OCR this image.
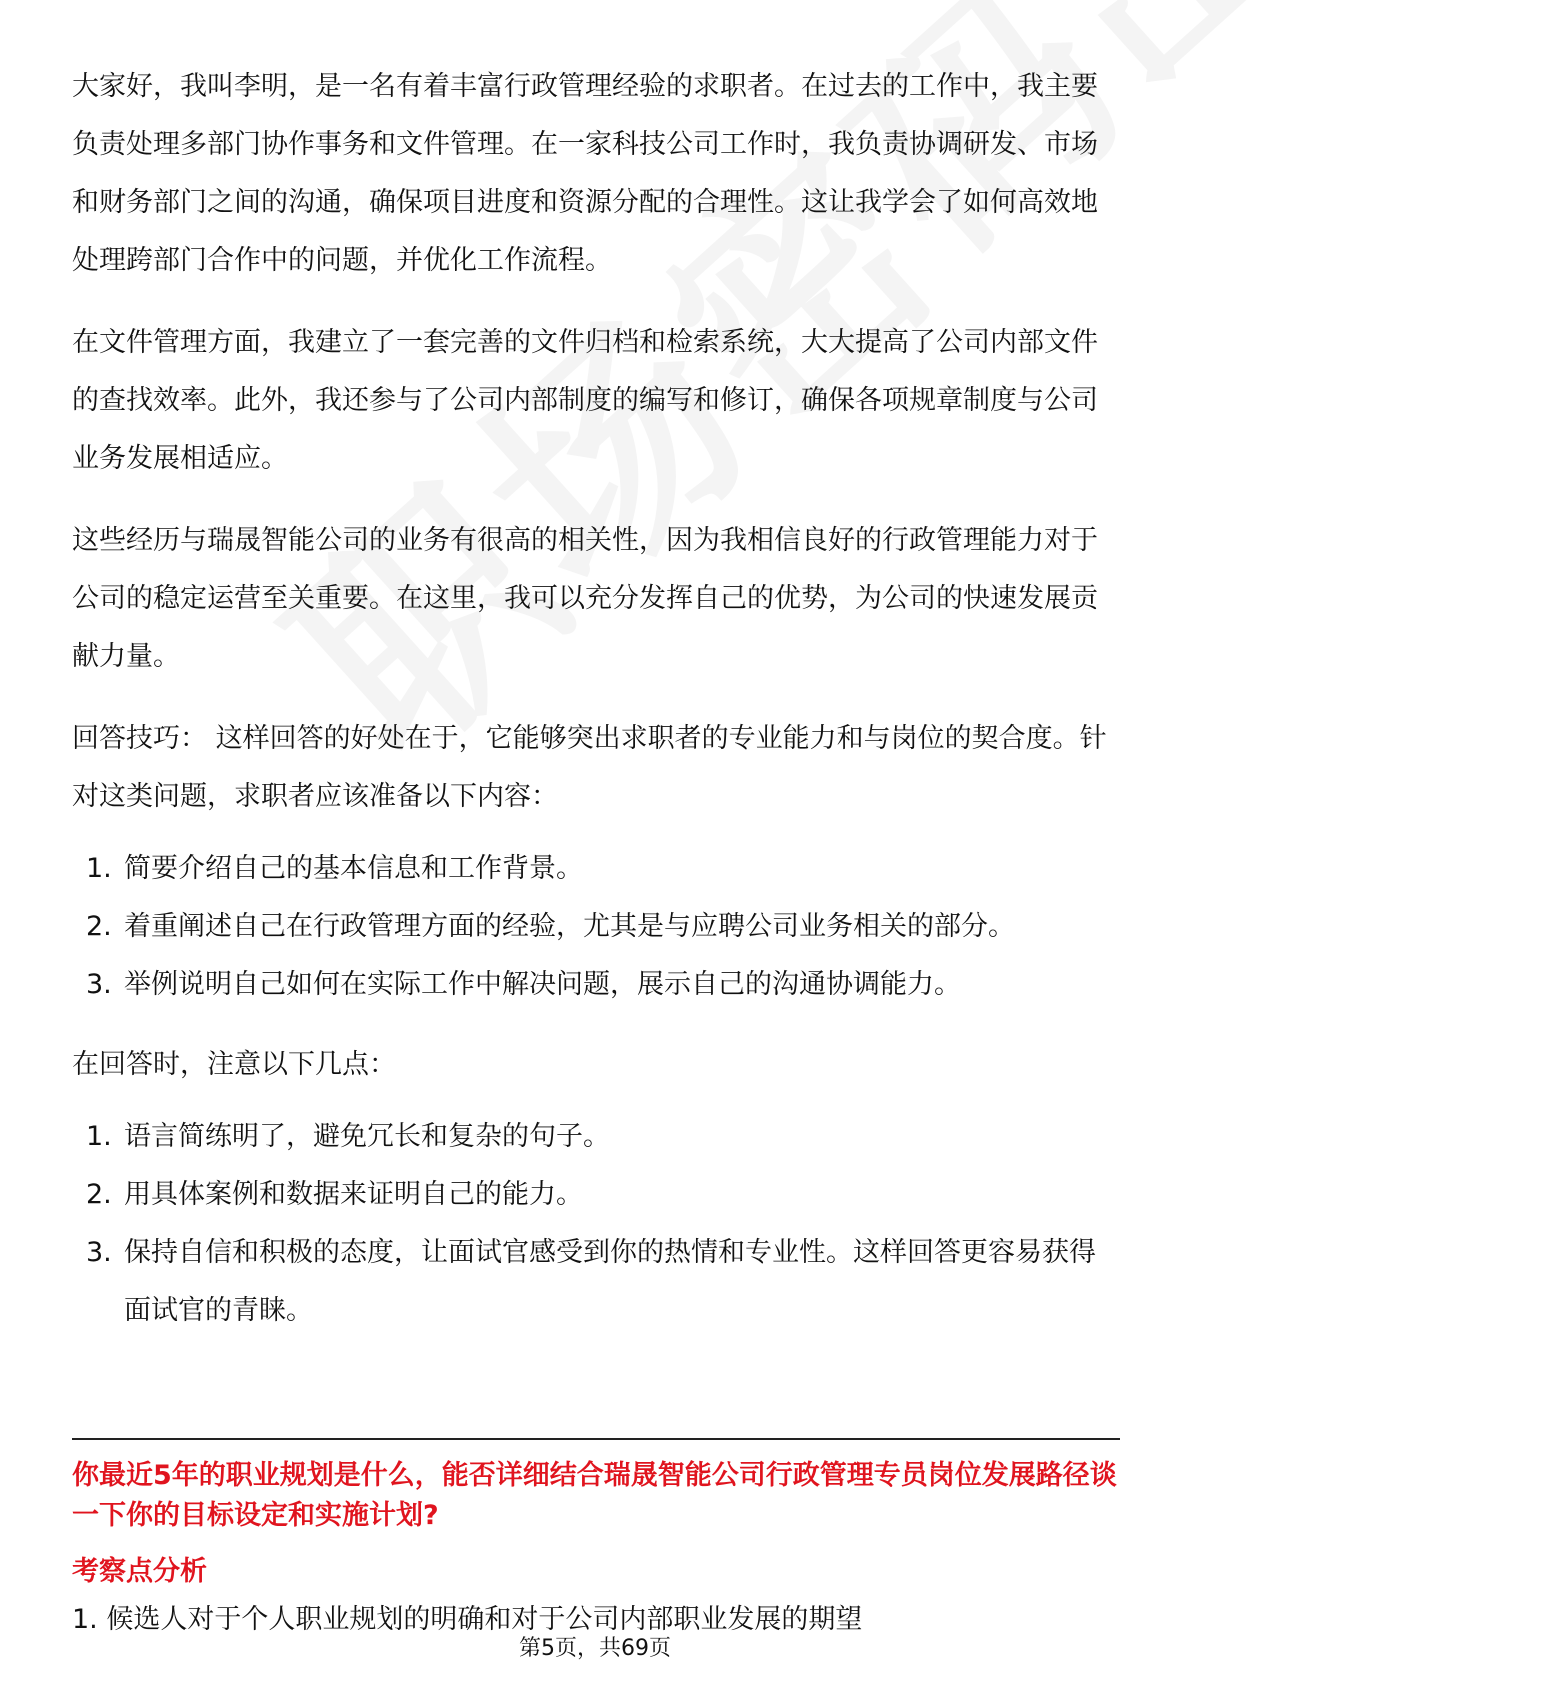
大家好，我叫李明，是一名有着丰富行政管理经验的求职者。在过去的工作中，我主要负责处理多部门协作事务和文件管理。在一家科技公司工作时，我负责协调研发、市场和财务部门之间的沟通，确保项目进度和资源分配的合理性。这让我学会了如何高效地处理跨部门合作中的问题，并优化工作流程。

在文件管理方面，我建立了一套完善的文件归档和检索系统，大大提高了公司内部文件的查找效率。此外，我还参与了公司内部制度的编写和修订，确保各项规章制度与公司业务发展相适应。

这些经历与瑞晟智能公司的业务有很高的相关性，因为我相信良好的行政管理能力对于公司的稳定运营至关重要。在这里，我可以充分发挥自己的优势，为公司的快速发展贡献力量。

回答技巧： 这样回答的好处在于，它能够突出求职者的专业能力和与岗位的契合度。针对这类问题，求职者应该准备以下内容：

1. 简要介绍自己的基本信息和工作背景。
2. 着重阐述自己在行政管理方面的经验，尤其是与应聘公司业务相关的部分。
3. 举例说明自己如何在实际工作中解决问题，展示自己的沟通协调能力。

在回答时，注意以下几点：

1. 语言简练明了，避免冗长和复杂的句子。
2. 用具体案例和数据来证明自己的能力。
3. 保持自信和积极的态度，让面试官感受到你的热情和专业性。这样回答更容易获得面试官的青睐。
你最近5年的职业规划是什么，能否详细结合瑞晟智能公司行政管理专员岗位发展路径谈一下你的目标设定和实施计划?
考察点分析
1. 候选人对于个人职业规划的明确和对于公司内部职业发展的期望
第5页，共69页
